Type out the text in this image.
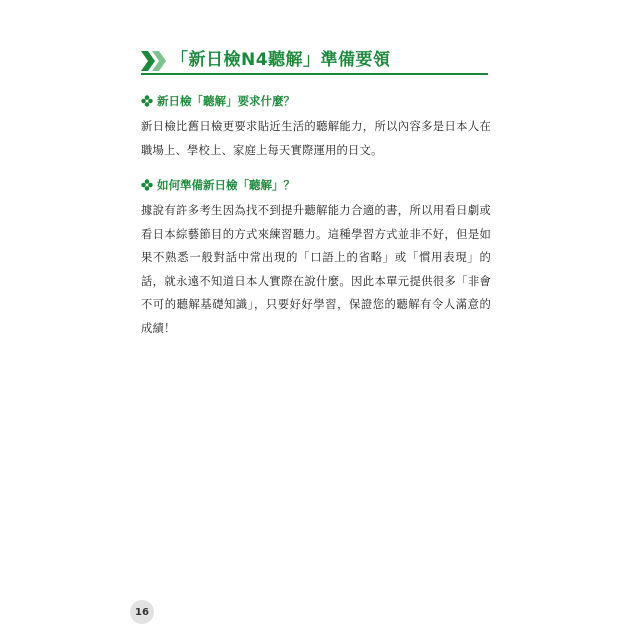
「新日檢N4聽解」準備要領
新日檢「聽解」要求什麼？
新日檢比舊日檢更要求貼近生活的聽解能力，所以內容多是日本人在職場上、學校上、家庭上每天實際運用的日文。
如何準備新日檢「聽解」？
據說有許多考生因為找不到提升聽解能力合適的書，所以用看日劇或看日本綜藝節目的方式來練習聽力。這種學習方式並非不好，但是如果不熟悉一般對話中常出現的「口語上的省略」或「慣用表現」的話，就永遠不知道日本人實際在說什麼。因此本單元提供很多「非會不可的聽解基礎知識」，只要好好學習，保證您的聽解有令人滿意的成績！
16
